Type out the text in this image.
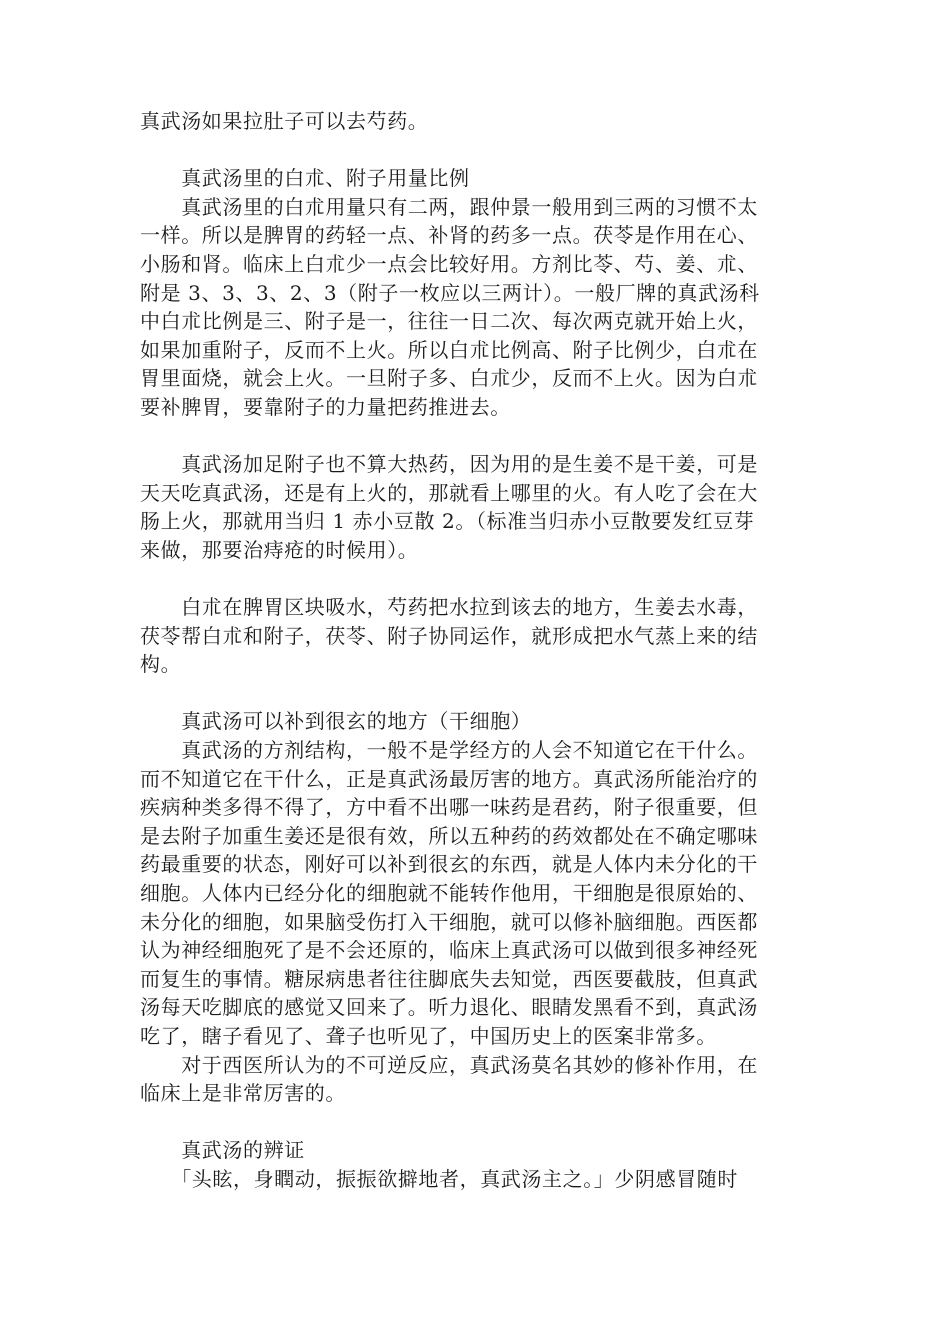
真武汤如果拉肚子可以去芍药。
　　真武汤里的白朮、附子用量比例
　　真武汤里的白朮用量只有二两，跟仲景一般用到三两的习惯不太
一样。所以是脾胃的药轻一点、补肾的药多一点。茯苓是作用在心、
小肠和肾。临床上白朮少一点会比较好用。方剂比苓、芍、姜、朮、
附是 3、3、3、2、3（附子一枚应以三两计）。一般厂牌的真武汤科
中白朮比例是三、附子是一，往往一日二次、每次两克就开始上火，
如果加重附子，反而不上火。所以白朮比例高、附子比例少，白朮在
胃里面烧，就会上火。一旦附子多、白朮少，反而不上火。因为白朮
要补脾胃，要靠附子的力量把药推进去。
　　真武汤加足附子也不算大热药，因为用的是生姜不是干姜，可是
天天吃真武汤，还是有上火的，那就看上哪里的火。有人吃了会在大
肠上火，那就用当归 1 赤小豆散 2。（标准当归赤小豆散要发红豆芽
来做，那要治痔疮的时候用）。
　　白朮在脾胃区块吸水，芍药把水拉到该去的地方，生姜去水毒，
茯苓帮白朮和附子，茯苓、附子协同运作，就形成把水气蒸上来的结
构。
　　真武汤可以补到很玄的地方（干细胞）
　　真武汤的方剂结构，一般不是学经方的人会不知道它在干什么。
而不知道它在干什么，正是真武汤最厉害的地方。真武汤所能治疗的
疾病种类多得不得了，方中看不出哪一味药是君药，附子很重要，但
是去附子加重生姜还是很有效，所以五种药的药效都处在不确定哪味
药最重要的状态，刚好可以补到很玄的东西，就是人体内未分化的干
细胞。人体内已经分化的细胞就不能转作他用，干细胞是很原始的、
未分化的细胞，如果脑受伤打入干细胞，就可以修补脑细胞。西医都
认为神经细胞死了是不会还原的，临床上真武汤可以做到很多神经死
而复生的事情。糖尿病患者往往脚底失去知觉，西医要截肢，但真武
汤每天吃脚底的感觉又回来了。听力退化、眼睛发黑看不到，真武汤
吃了，瞎子看见了、聋子也听见了，中国历史上的医案非常多。
　　对于西医所认为的不可逆反应，真武汤莫名其妙的修补作用，在
临床上是非常厉害的。
　　真武汤的辨证
　　「头眩，身瞤动，振振欲擗地者，真武汤主之。」少阴感冒随时
